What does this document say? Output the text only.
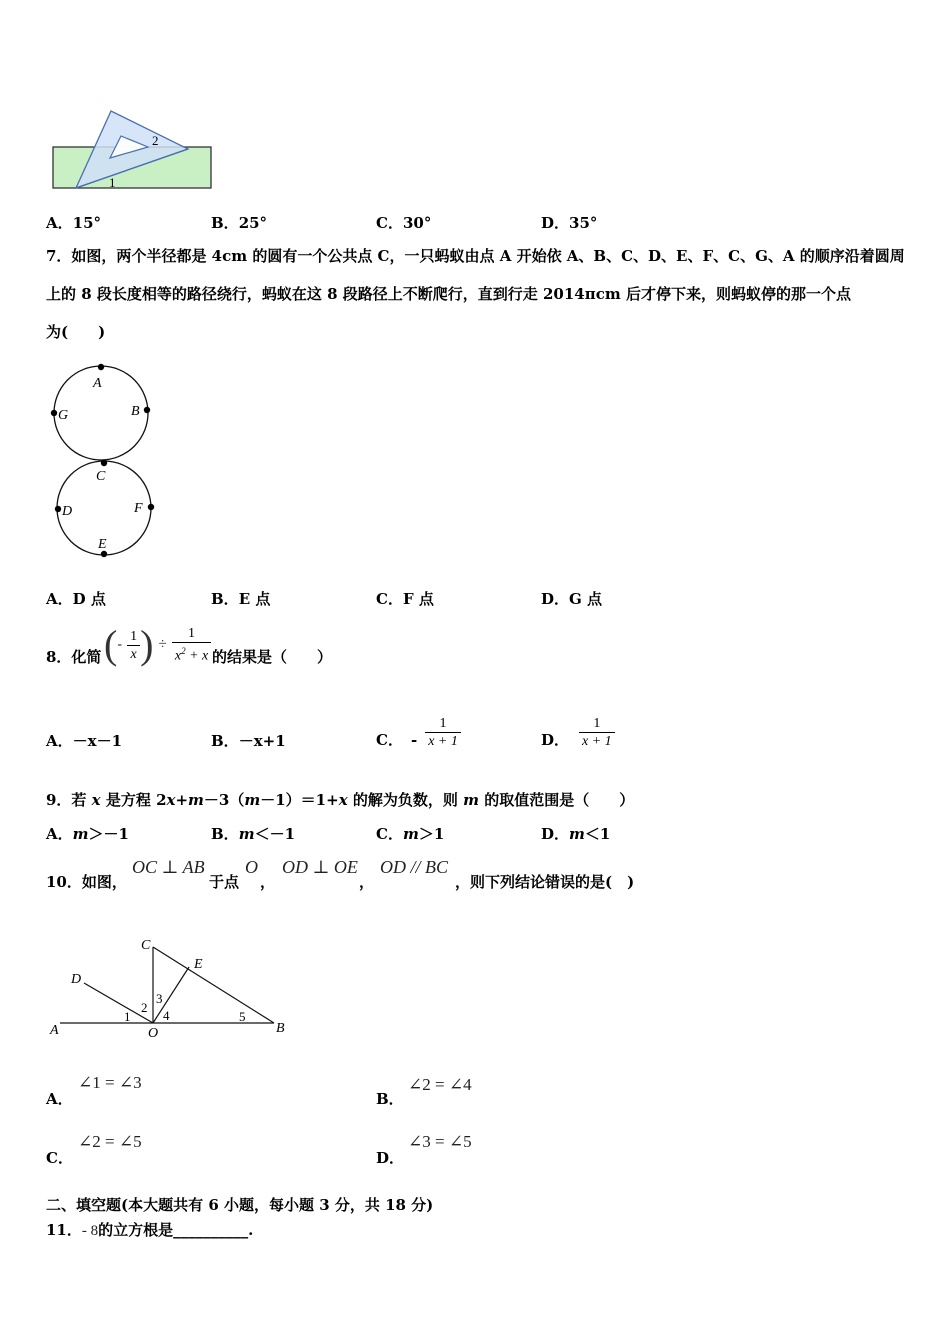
2
1
A．15°	B．25°	C．30°	D．35°
7．如图，两个半径都是 4cm 的圆有一个公共点 C，一只蚂蚁由点 A 开始依 A、B、C、D、E、F、C、G、A 的顺序沿着圆周
上的 8 段长度相等的路径绕行，蚂蚁在这 8 段路径上不断爬行，直到行走 2014πcm 后才停下来，则蚂蚁停的那一个点
为(　　)
A
B
G
C
D	F
E
A．D 点	B．E 点	C．F 点	D．G 点
8．化简 (- $\frac{1}{x}$ ) ÷ $\frac{1}{x^2 + x}$ 的结果是（　　）
A．－x－1	B．－x+1	C． - $\frac{1}{x + 1}$	D． $\frac{1}{x + 1}$
9．若 x 是方程 2x+m－3（m－1）＝1+x 的解为负数，则 m 的取值范围是（　　）
A．m＞－1	B．m＜－1	C．m＞1	D．m＜1
10．如图，
OC ⊥ AB
于点
O
，
OD ⊥ OE
，
OD // BC
，则下列结论错误的是(　)
C
E
D
2
3
1	4	5
A	O	B
A．
∠1 = ∠3
B．
∠2 = ∠4
C．
∠2 = ∠5
D．
∠3 = ∠5
二、填空题(本大题共有 6 小题，每小题 3 分，共 18 分)
11．- 8的立方根是__________.
